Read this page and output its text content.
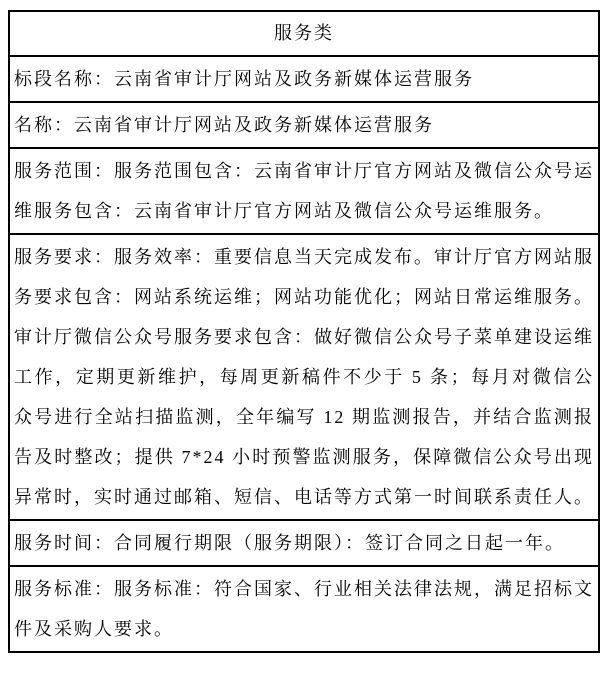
服务类
标段名称：云南省审计厅网站及政务新媒体运营服务
名称：云南省审计厅网站及政务新媒体运营服务
服务范围：服务范围包含：云南省审计厅官方网站及微信公众号运维服务包含：云南省审计厅官方网站及微信公众号运维服务。
服务要求：服务效率：重要信息当天完成发布。审计厅官方网站服务要求包含：网站系统运维；网站功能优化；网站日常运维服务。审计厅微信公众号服务要求包含：做好微信公众号子菜单建设运维工作，定期更新维护，每周更新稿件不少于 5 条；每月对微信公众号进行全站扫描监测，全年编写 12 期监测报告，并结合监测报告及时整改；提供 7*24 小时预警监测服务，保障微信公众号出现异常时，实时通过邮箱、短信、电话等方式第一时间联系责任人。
服务时间：合同履行期限（服务期限）：签订合同之日起一年。
服务标准：服务标准：符合国家、行业相关法律法规，满足招标文件及采购人要求。
